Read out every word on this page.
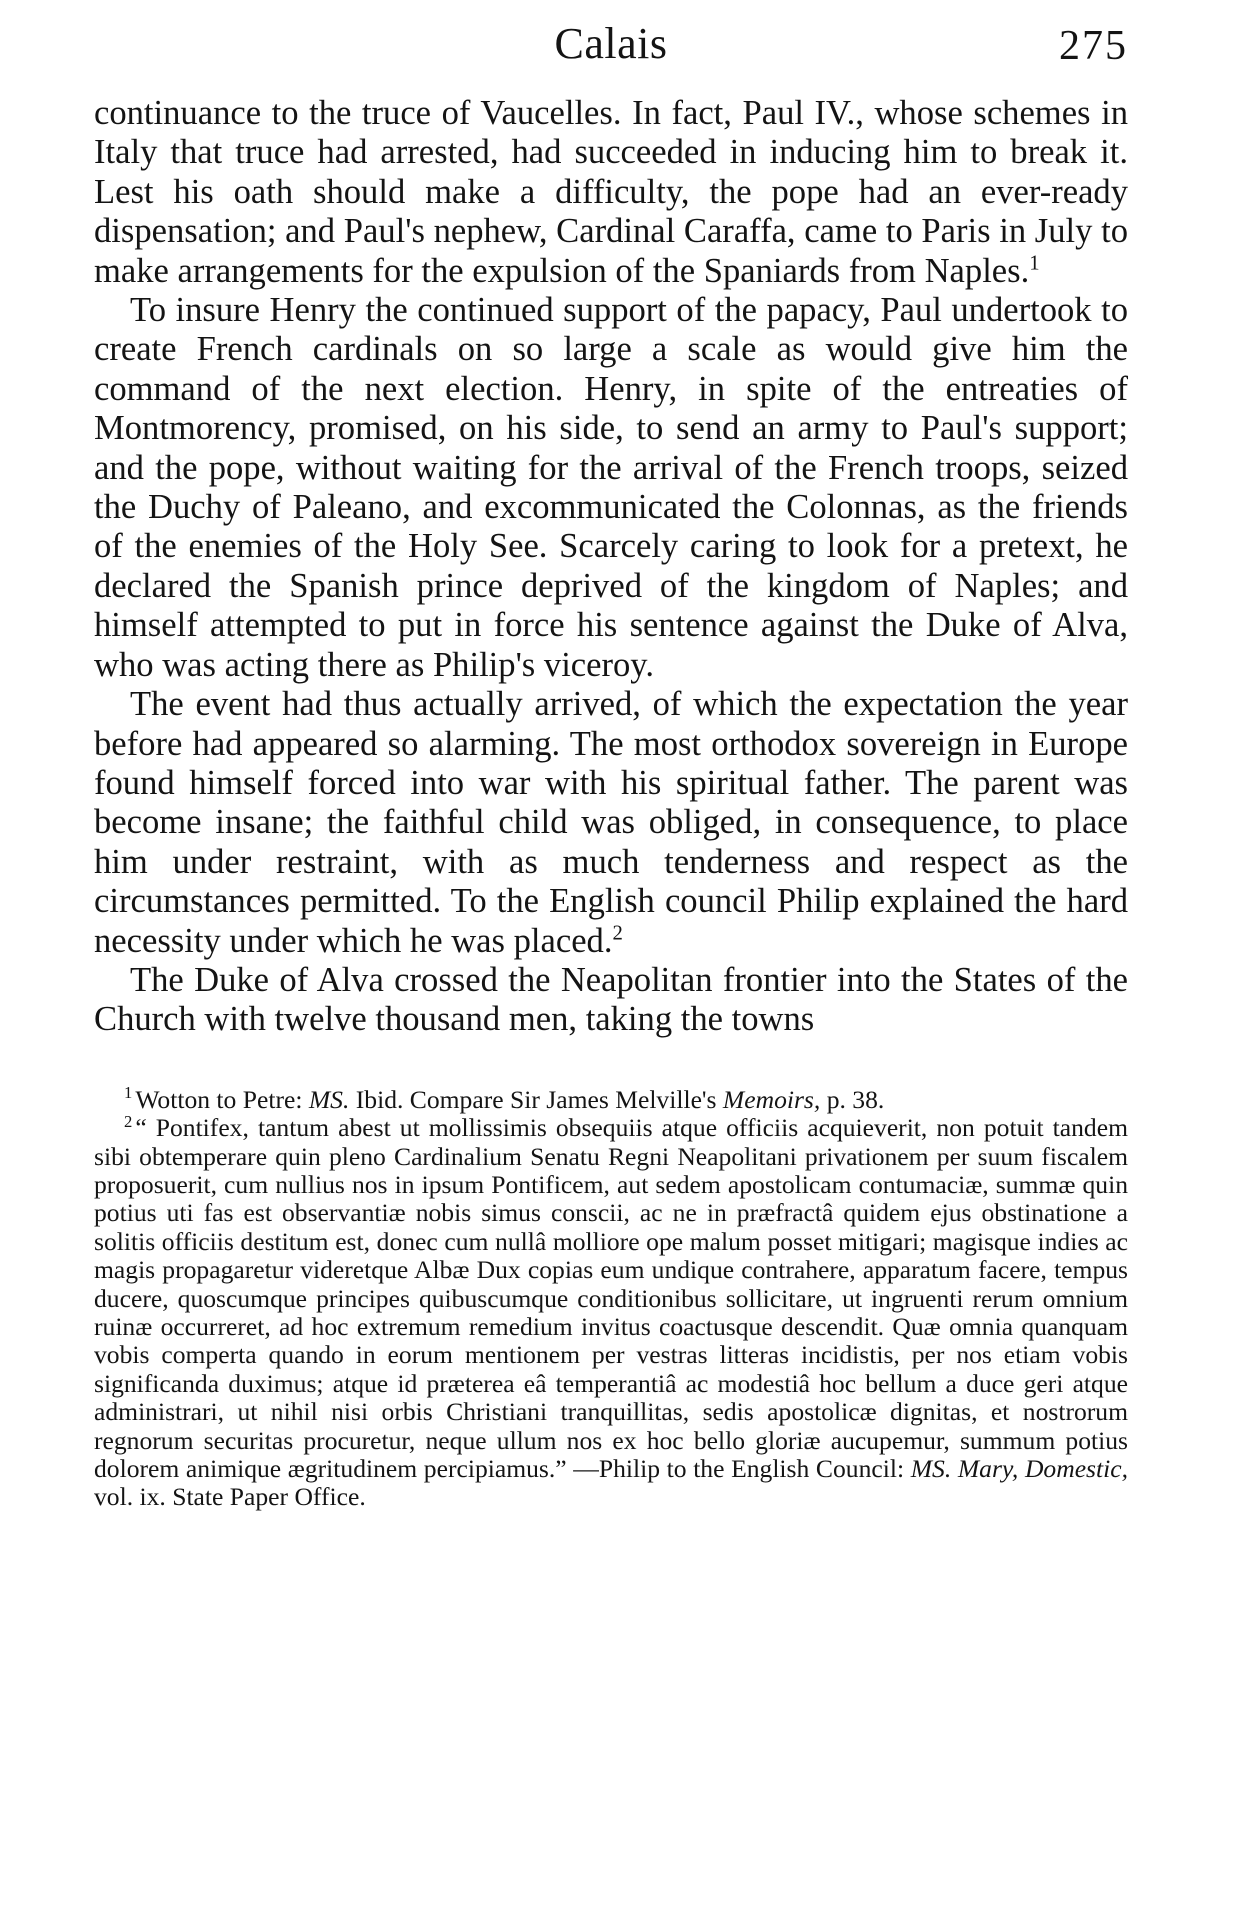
Calais	275

continuance to the truce of Vaucelles. In fact, Paul IV., whose schemes in Italy that truce had arrested, had succeeded in inducing him to break it. Lest his oath should make a difficulty, the pope had an ever-ready dispensation; and Paul's nephew, Cardinal Caraffa, came to Paris in July to make arrangements for the expulsion of the Spaniards from Naples.$^1$

To insure Henry the continued support of the papacy, Paul undertook to create French cardinals on so large a scale as would give him the command of the next election. Henry, in spite of the entreaties of Montmorency, promised, on his side, to send an army to Paul's support; and the pope, without waiting for the arrival of the French troops, seized the Duchy of Paleano, and excommunicated the Colonnas, as the friends of the enemies of the Holy See. Scarcely caring to look for a pretext, he declared the Spanish prince deprived of the kingdom of Naples; and himself attempted to put in force his sentence against the Duke of Alva, who was acting there as Philip's viceroy.

The event had thus actually arrived, of which the expectation the year before had appeared so alarming. The most orthodox sovereign in Europe found himself forced into war with his spiritual father. The parent was become insane; the faithful child was obliged, in consequence, to place him under restraint, with as much tenderness and respect as the circumstances permitted. To the English council Philip explained the hard necessity under which he was placed.$^2$

The Duke of Alva crossed the Neapolitan frontier into the States of the Church with twelve thousand men, taking the towns

$^1$ Wotton to Petre: MS. Ibid. Compare Sir James Melville's Memoirs, p. 38.

$^2$ “ Pontifex, tantum abest ut mollissimis obsequiis atque officiis acquieverit, non potuit tandem sibi obtemperare quin pleno Cardinalium Senatu Regni Neapolitani privationem per suum fiscalem proposuerit, cum nullius nos in ipsum Pontificem, aut sedem apostolicam contumaciæ, summæ quin potius uti fas est observantiæ nobis simus conscii, ac ne in præfractâ quidem ejus obstinatione a solitis officiis destitum est, donec cum nullâ molliore ope malum posset mitigari; magisque indies ac magis propagaretur videretque Albæ Dux copias eum undique contrahere, apparatum facere, tempus ducere, quoscumque principes quibuscumque conditionibus sollicitare, ut ingruenti rerum omnium ruinæ occurreret, ad hoc extremum remedium invitus coactusque descendit. Quæ omnia quanquam vobis comperta quando in eorum mentionem per vestras litteras incidistis, per nos etiam vobis significanda duximus; atque id præterea eâ temperantiâ ac modestiâ hoc bellum a duce geri atque administrari, ut nihil nisi orbis Christiani tranquillitas, sedis apostolicæ dignitas, et nostrorum regnorum securitas procuretur, neque ullum nos ex hoc bello gloriæ aucupemur, summum potius dolorem animique ægritudinem percipiamus.” —Philip to the English Council: MS. Mary, Domestic, vol. ix. State Paper Office.
